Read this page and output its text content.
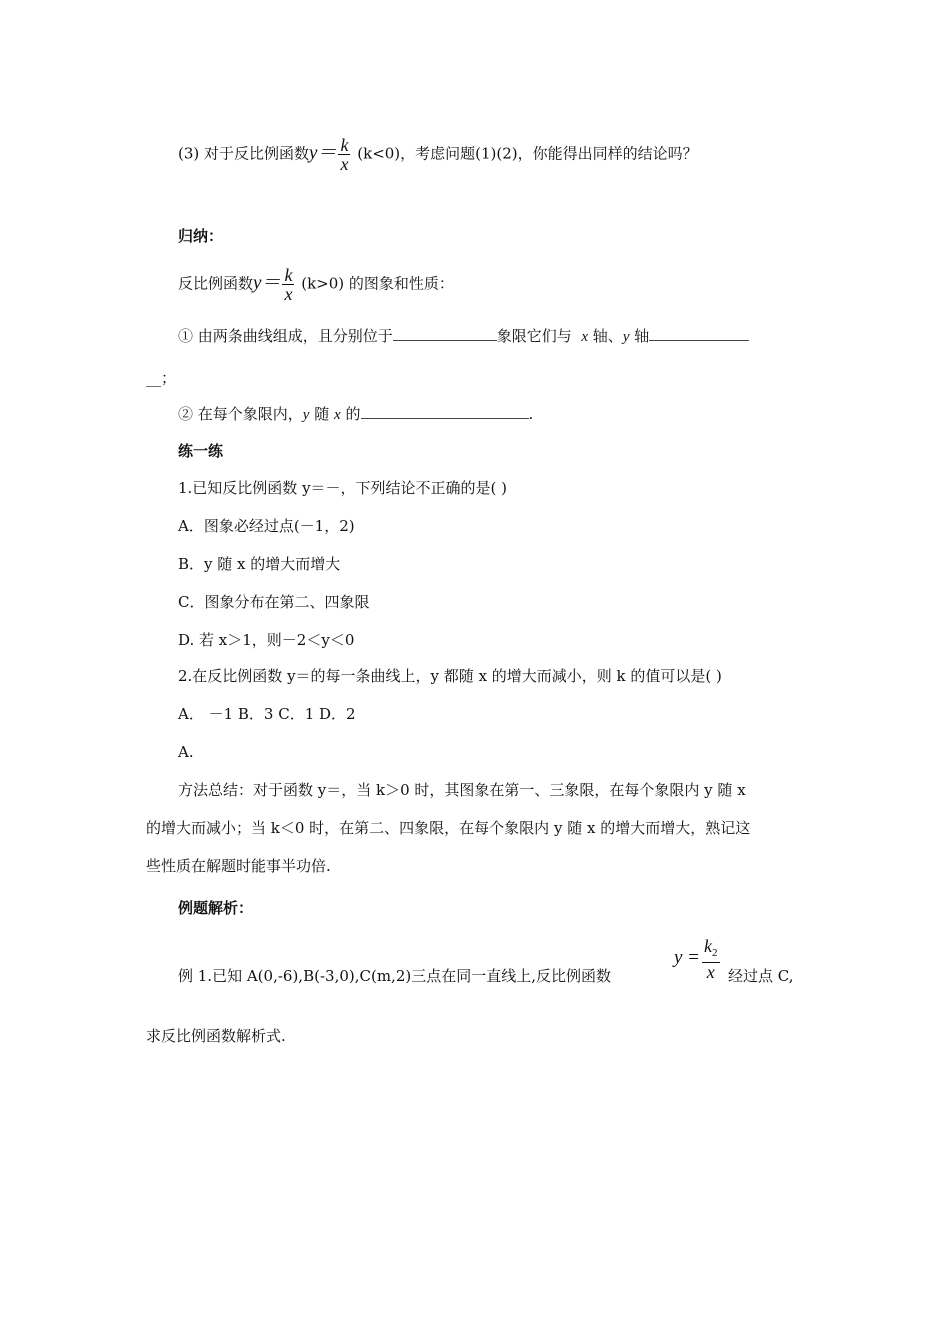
(3) 对于反比例函数$y= \frac{k}{x} (k<0)$，考虑问题(1)(2)，你能得出同样的结论吗？
归纳：
反比例函数$y= \frac{k}{x} (k>0)$ 的图象和性质：
① 由两条曲线组成，且分别位于	象限它们与 x 轴、y 轴
__；
② 在每个象限内，y 随 x 的	.
练一练
1.已知反比例函数 y＝－，下列结论不正确的是( )
A．图象必经过点(－1，2)
B．y 随 x 的增大而增大
C．图象分布在第二、四象限
D. 若 x＞1，则－2＜y＜0
2.在反比例函数 y＝的每一条曲线上，y 都随 x 的增大而减小，则 k 的值可以是( )
A． －1 B．3 C．1 D．2
A.
方法总结：对于函数 y＝，当 k＞0 时，其图象在第一、三象限，在每个象限内 y 随 x
的增大而减小；当 k＜0 时，在第二、四象限，在每个象限内 y 随 x 的增大而增大，熟记这
些性质在解题时能事半功倍.
例题解析：
例 1.已知 A(0,-6),B(-3,0),C(m,2)三点在同一直线上,反比例函数
$y = \frac{k_2}{x}$ 经过点 C,
求反比例函数解析式.
